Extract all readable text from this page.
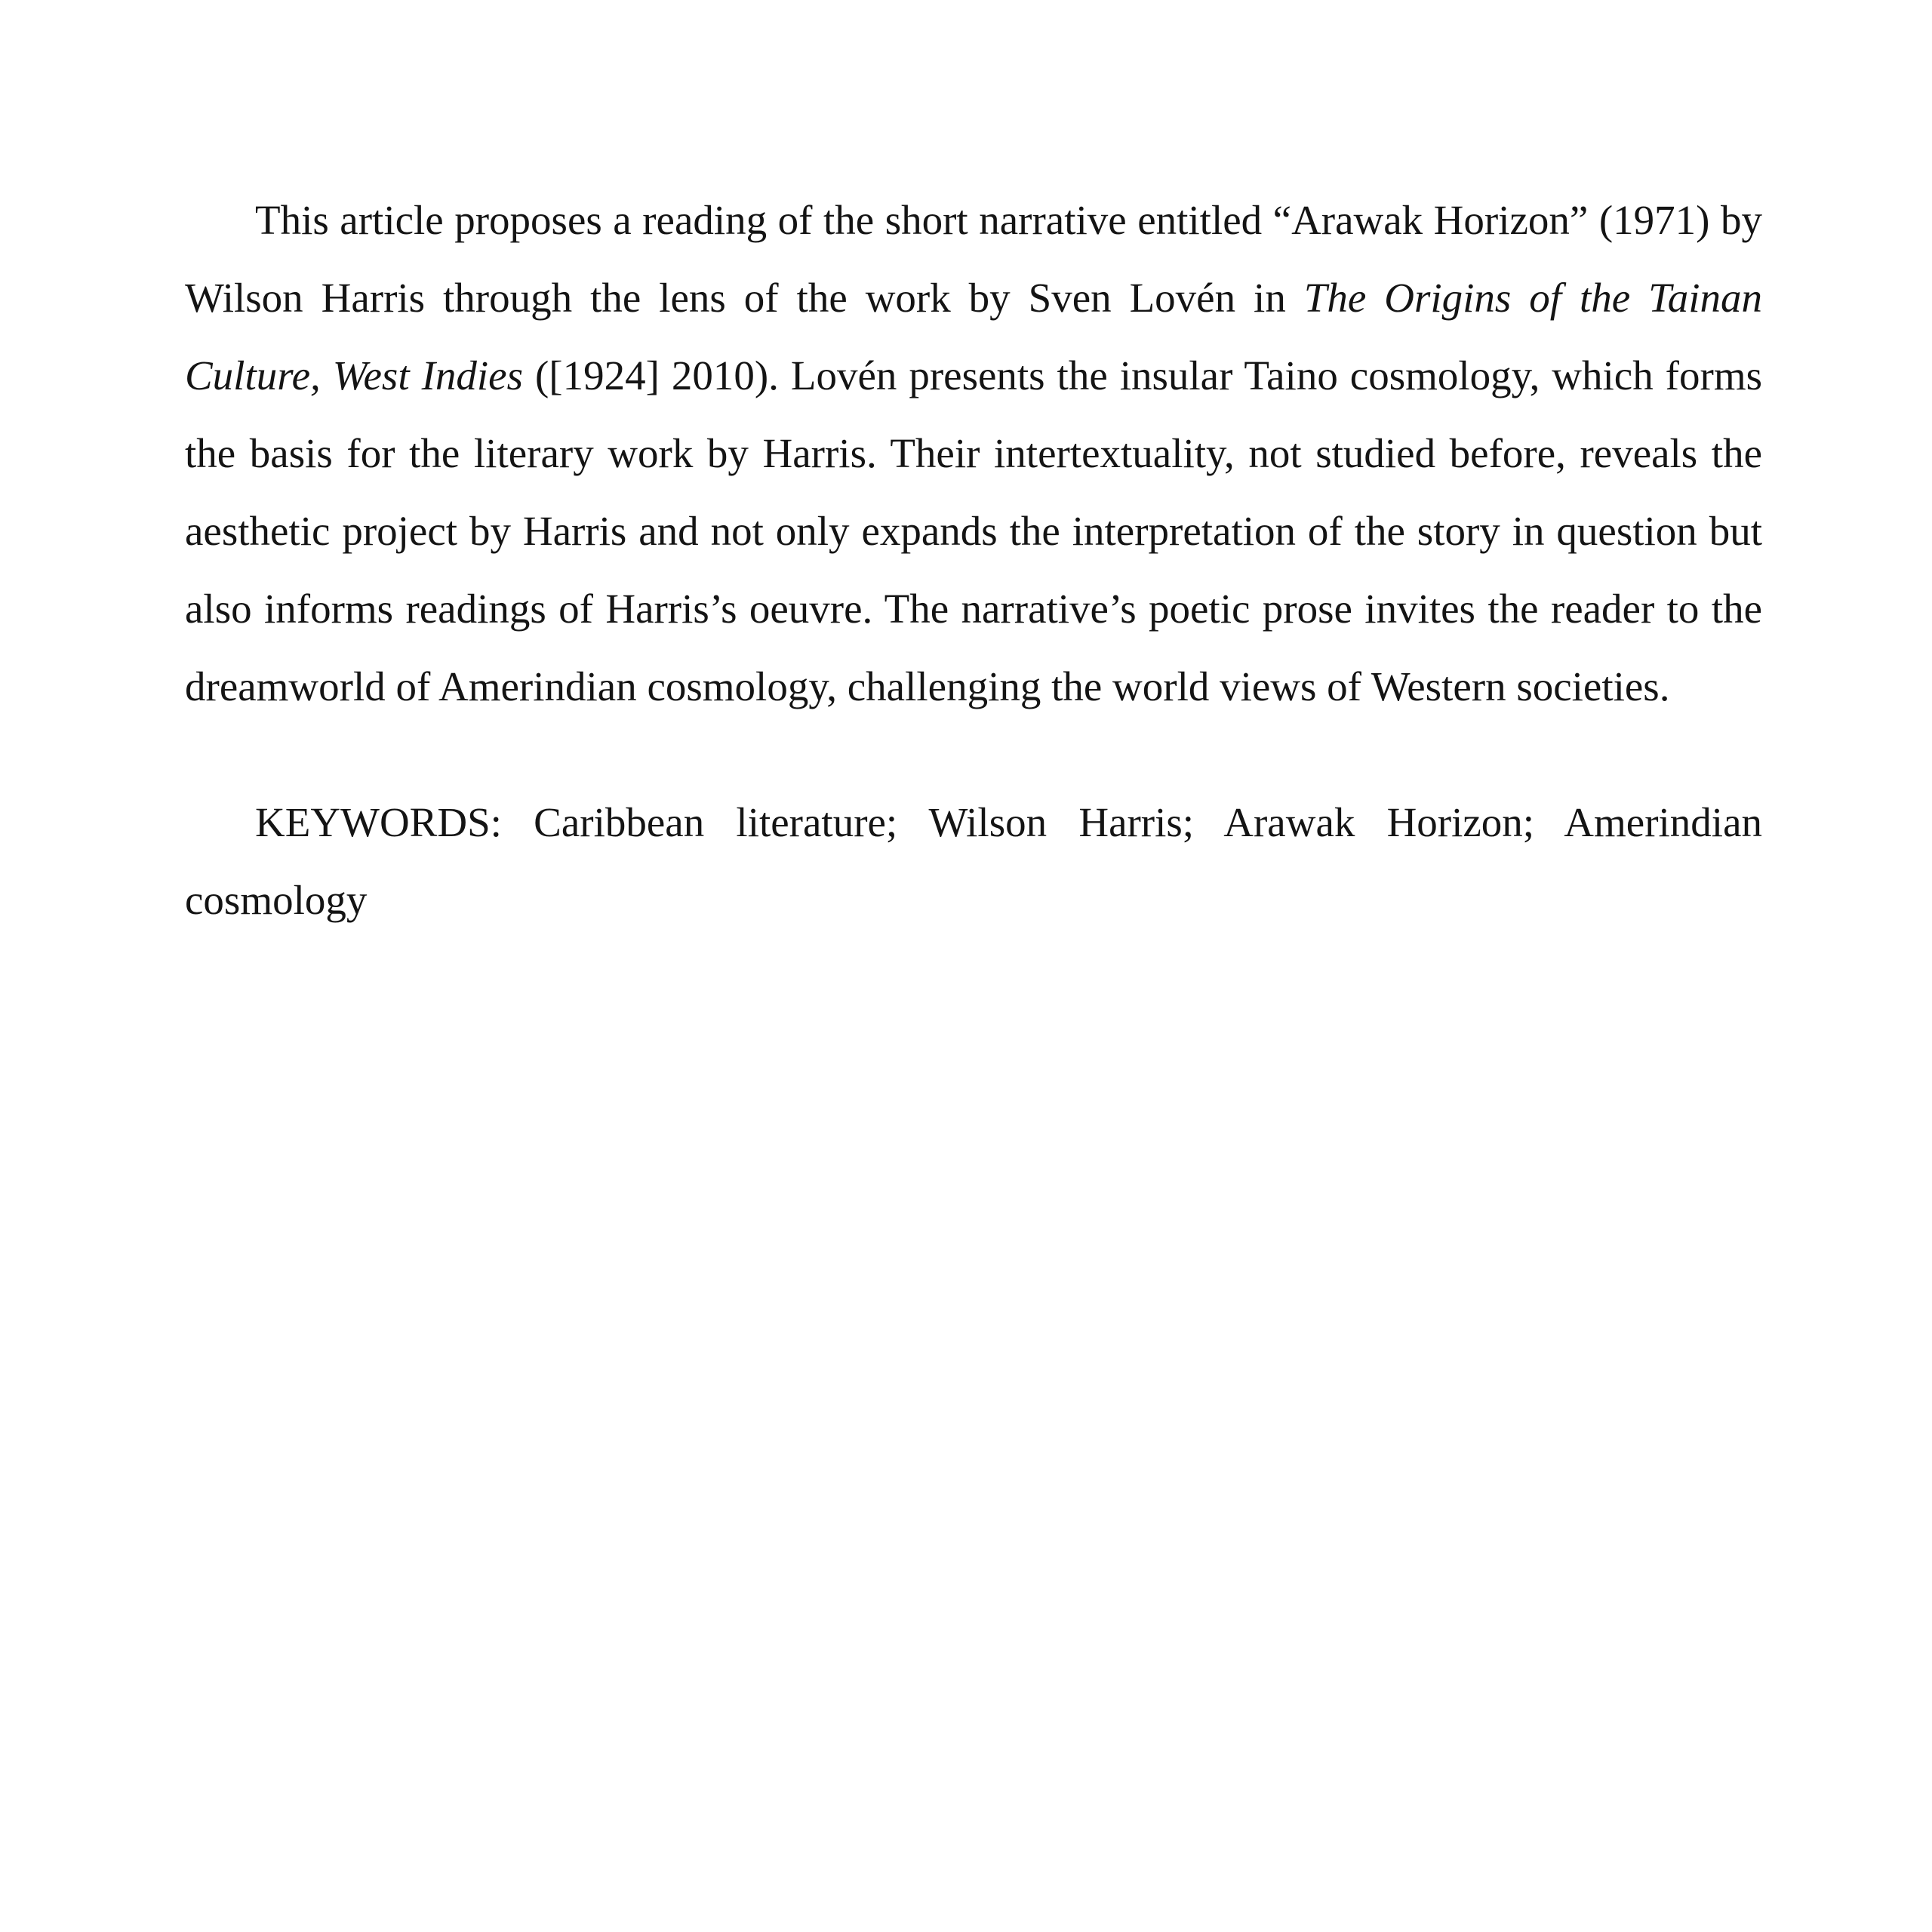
This article proposes a reading of the short narrative entitled “Arawak Horizon” (1971) by Wilson Harris through the lens of the work by Sven Lovén in The Origins of the Tainan Culture, West Indies ([1924] 2010). Lovén presents the insular Taino cosmology, which forms the basis for the literary work by Harris. Their intertextuality, not studied before, reveals the aesthetic project by Harris and not only expands the interpretation of the story in question but also informs readings of Harris’s oeuvre. The narrative’s poetic prose invites the reader to the dreamworld of Amerindian cosmology, challenging the world views of Western societies.

KEYWORDS: Caribbean literature; Wilson Harris; Arawak Horizon; Amerindian cosmology
